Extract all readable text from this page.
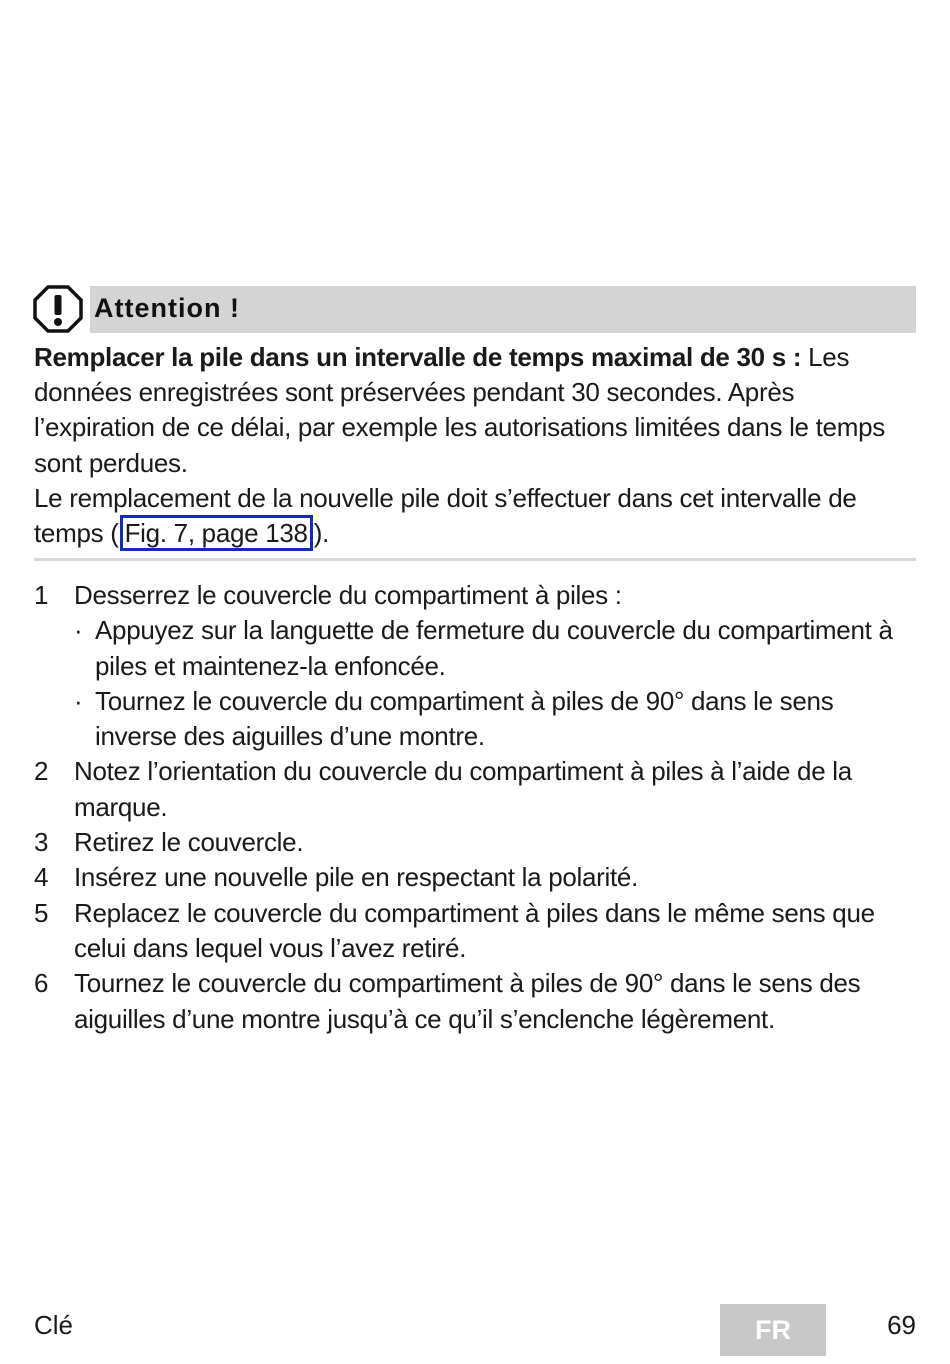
Attention !

Remplacer la pile dans un intervalle de temps maximal de 30 s : Les données enregistrées sont préservées pendant 30 secondes. Après l’expiration de ce délai, par exemple les autorisations limitées dans le temps sont perdues.

Le remplacement de la nouvelle pile doit s’effectuer dans cet intervalle de temps ( Fig. 7, page 138 ).

1 Desserrez le couvercle du compartiment à piles :
· Appuyez sur la languette de fermeture du couvercle du compartiment à piles et maintenez-la enfoncée.
· Tournez le couvercle du compartiment à piles de 90° dans le sens inverse des aiguilles d’une montre.
2 Notez l’orientation du couvercle du compartiment à piles à l’aide de la marque.
3 Retirez le couvercle.
4 Insérez une nouvelle pile en respectant la polarité.
5 Replacez le couvercle du compartiment à piles dans le même sens que celui dans lequel vous l’avez retiré.
6 Tournez le couvercle du compartiment à piles de 90° dans le sens des aiguilles d’une montre jusqu’à ce qu’il s’enclenche légèrement.
Clé	FR	69
